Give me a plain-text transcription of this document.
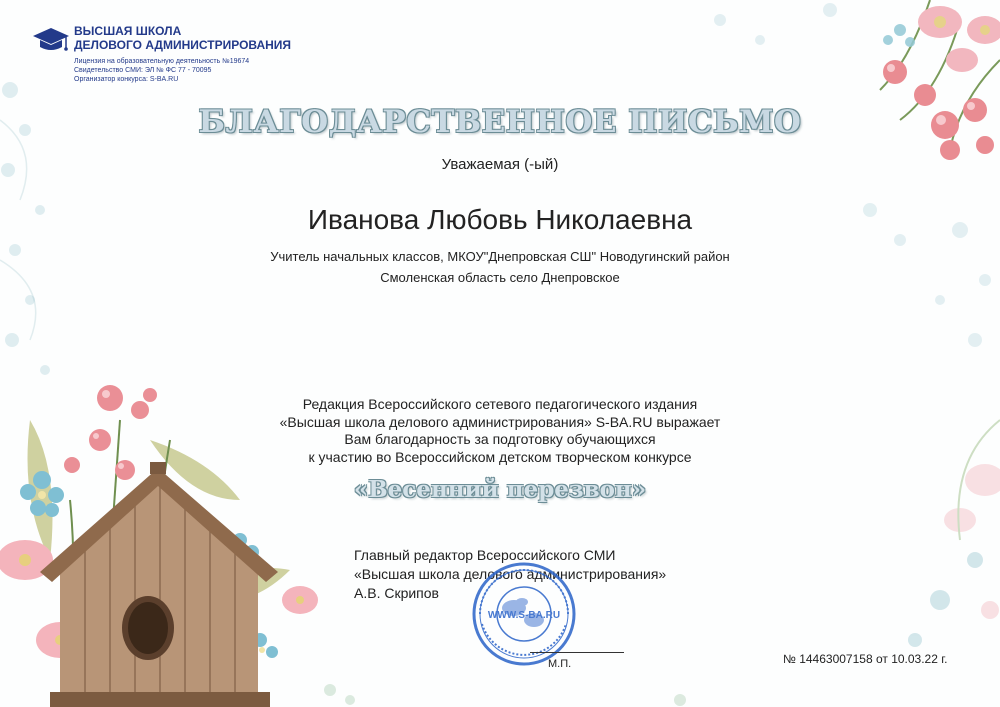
ВЫСШАЯ ШКОЛА
ДЕЛОВОГО АДМИНИСТРИРОВАНИЯ
Лицензия на образовательную деятельность №19674
Свидетельство СМИ: ЭЛ № ФС 77 - 70095
Организатор конкурса: S-BA.RU
БЛАГОДАРСТВЕННОЕ ПИСЬМО
Уважаемая (-ый)
Иванова Любовь Николаевна
Учитель начальных классов, МКОУ"Днепровская СШ" Новодугинский район
Смоленская область село Днепровское
Редакция Всероссийского сетевого педагогического издания
«Высшая школа делового администрирования» S-BA.RU выражает
Вам благодарность за подготовку обучающихся
к участию во Всероссийском детском творческом конкурсе
«Весенний перезвон»
Главный редактор Всероссийского СМИ
«Высшая школа делового администрирования»
А.В. Скрипов
WWW.S-BA.RU
М.П.	№ 14463007158 от 10.03.22 г.
